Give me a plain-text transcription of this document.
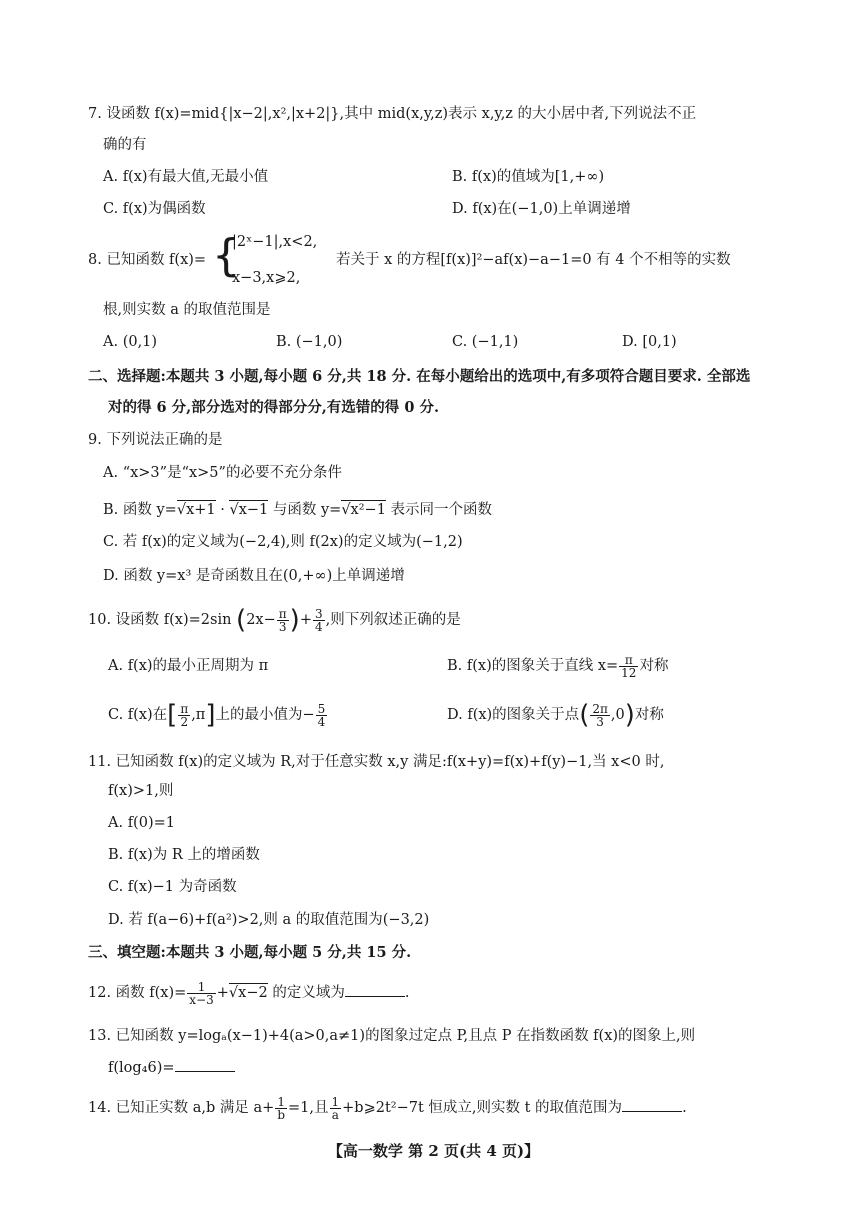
7. 设函数 f(x)=mid{|x−2|,x²,|x+2|},其中 mid(x,y,z)表示 x,y,z 的大小居中者,下列说法不正
确的有
A. f(x)有最大值,无最小值	B. f(x)的值域为[1,+∞)
C. f(x)为偶函数	D. f(x)在(−1,0)上单调递增
8. 已知函数 f(x)= {
|2ˣ−1|,x<2,
x−3,x⩾2,
若关于 x 的方程[f(x)]²−af(x)−a−1=0 有 4 个不相等的实数
根,则实数 a 的取值范围是
A. (0,1)	B. (−1,0)	C. (−1,1)	D. [0,1)
二、选择题:本题共 3 小题,每小题 6 分,共 18 分. 在每小题给出的选项中,有多项符合题目要求. 全部选
对的得 6 分,部分选对的得部分分,有选错的得 0 分.
9. 下列说法正确的是
A. “x>3”是“x>5”的必要不充分条件
B. 函数 y=√x+1 · √x−1 与函数 y=√x²−1 表示同一个函数
C. 若 f(x)的定义域为(−2,4),则 f(2x)的定义域为(−1,2)
D. 函数 y=x³ 是奇函数且在(0,+∞)上单调递增
10. 设函数 f(x)=2sin ($2x- \frac{\pi}{3}$ )+ $\frac{3}{4}$ ,则下列叙述正确的是
A. f(x)的最小正周期为 π	B. f(x)的图象关于直线 $x= \frac{\pi}{12}$ 对称
C. f(x)在[ $\frac{\pi}{2} ,\pi$]上的最小值为− $\frac{5}{4}$	D. f(x)的图象关于点( $\frac{2\pi}{3} ,0$)对称
11. 已知函数 f(x)的定义域为 R,对于任意实数 x,y 满足:f(x+y)=f(x)+f(y)−1,当 x<0 时,
f(x)>1,则
A. f(0)=1
B. f(x)为 R 上的增函数
C. f(x)−1 为奇函数
D. 若 f(a−6)+f(a²)>2,则 a 的取值范围为(−3,2)
三、填空题:本题共 3 小题,每小题 5 分,共 15 分.
12. 函数 $f(x)= \frac{1}{x-3} +√x-2$ 的定义域为	.
13. 已知函数 y=logₐ(x−1)+4(a>0,a≠1)的图象过定点 P,且点 P 在指数函数 f(x)的图象上,则
f(log₄6)=
14. 已知正实数 a,b 满足 $a+ \frac{1}{b} =1$,且 $\frac{1}{a}$ +b⩾2t²−7t 恒成立,则实数 t 的取值范围为	.
【高一数学 第 2 页(共 4 页)】
